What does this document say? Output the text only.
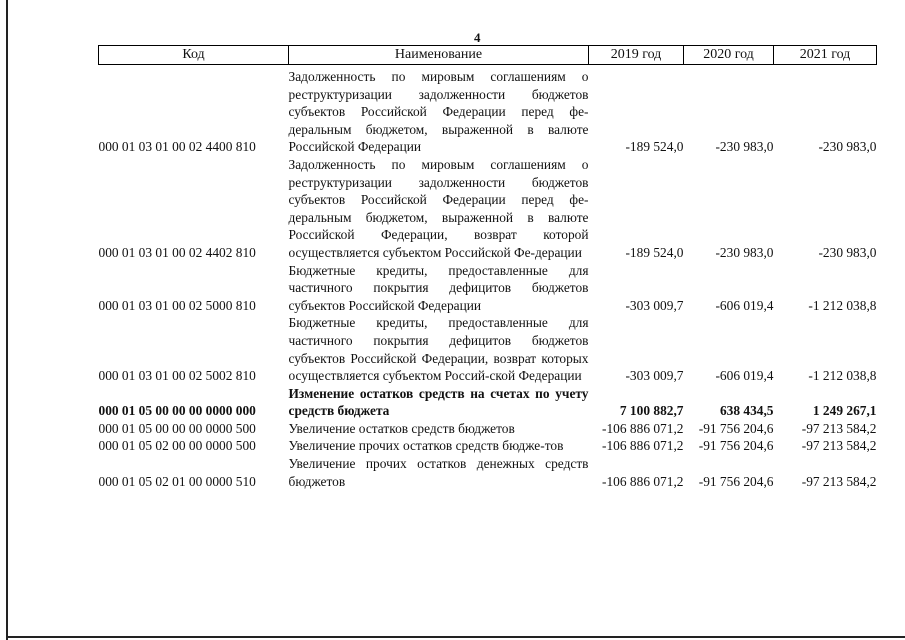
4
Код	Наименование	2019 год	2020 год	2021 год

000 01 03 01 00 02 4400 810	Задолженность по мировым соглашениям о реструктуризации задолженности бюджетов субъектов Российской Федерации перед фе-деральным бюджетом, выраженной в валюте Российской Федерации	-189 524,0	-230 983,0	-230 983,0
000 01 03 01 00 02 4402 810	Задолженность по мировым соглашениям о реструктуризации задолженности бюджетов субъектов Российской Федерации перед фе-деральным бюджетом, выраженной в валюте Российской Федерации, возврат которой осуществляется субъектом Российской Фе-дерации	-189 524,0	-230 983,0	-230 983,0
000 01 03 01 00 02 5000 810	Бюджетные кредиты, предоставленные для частичного покрытия дефицитов бюджетов субъектов Российской Федерации	-303 009,7	-606 019,4	-1 212 038,8
000 01 03 01 00 02 5002 810	Бюджетные кредиты, предоставленные для частичного покрытия дефицитов бюджетов субъектов Российской Федерации, возврат которых осуществляется субъектом Россий-ской Федерации	-303 009,7	-606 019,4	-1 212 038,8
000 01 05 00 00 00 0000 000	Изменение остатков средств на счетах по учету средств бюджета	7 100 882,7	638 434,5	1 249 267,1
000 01 05 00 00 00 0000 500	Увеличение остатков средств бюджетов	-106 886 071,2	-91 756 204,6	-97 213 584,2
000 01 05 02 00 00 0000 500	Увеличение прочих остатков средств бюдже-тов	-106 886 071,2	-91 756 204,6	-97 213 584,2
000 01 05 02 01 00 0000 510	Увеличение прочих остатков денежных средств бюджетов	-106 886 071,2	-91 756 204,6	-97 213 584,2
